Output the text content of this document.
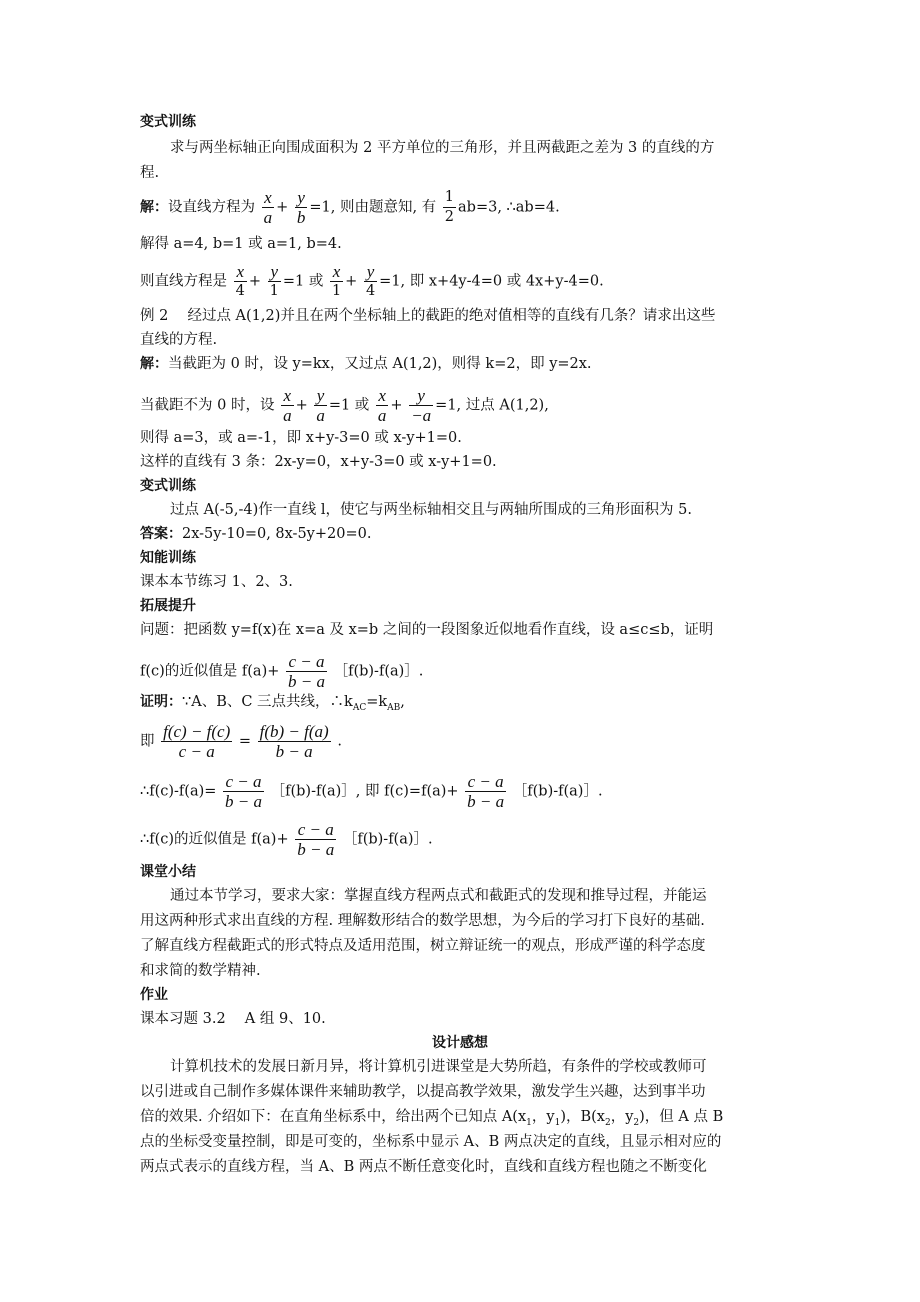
变式训练
求与两坐标轴正向围成面积为 2 平方单位的三角形，并且两截距之差为 3 的直线的方
程.
解：设直线方程为 $\frac{x}{a} + \frac{y}{b} =1$, 则由题意知, 有 $\frac{1}{2} ab=3$, ∴ab=4.
解得 a=4, b=1 或 a=1, b=4.
则直线方程是 $\frac{x}{4} + \frac{y}{1} =1$ 或 $\frac{x}{1} + \frac{y}{4} =1$, 即 x+4y-4=0 或 4x+y-4=0.
例 2　 经过点 A(1,2)并且在两个坐标轴上的截距的绝对值相等的直线有几条？请求出这些
直线的方程.
解：当截距为 0 时，设 y=kx，又过点 A(1,2)，则得 k=2，即 y=2x.
当截距不为 0 时，设 $\frac{x}{a} + \frac{y}{a} =1$ 或 $\frac{x}{a} + \frac{y}{-a} =1$, 过点 A(1,2),
则得 a=3，或 a=-1，即 x+y-3=0 或 x-y+1=0.
这样的直线有 3 条：2x-y=0，x+y-3=0 或 x-y+1=0.
变式训练
过点 A(-5,-4)作一直线 l，使它与两坐标轴相交且与两轴所围成的三角形面积为 5.
答案：2x-5y-10=0, 8x-5y+20=0.
知能训练
课本本节练习 1、2、3.
拓展提升
问题：把函数 y=f(x)在 x=a 及 x=b 之间的一段图象近似地看作直线，设 a≤c≤b，证明
f(c)的近似值是 $f(a)+ \frac{c - a}{b - a}$ ［f(b)-f(a)］.
证明：∵A、B、C 三点共线，$\therefore k_{AC}=k_{AB}$,
即 $\frac{f(c) - f(c)}{c - a} = \frac{f(b) - f(a)}{b - a}$ .
∴f(c)-f(a)= $\frac{c - a}{b - a}$ ［f(b)-f(a)］, 即 $f(c)=f(a)+ \frac{c - a}{b - a}$ ［f(b)-f(a)］.
∴f(c)的近似值是 $f(a)+ \frac{c - a}{b - a}$ ［f(b)-f(a)］.
课堂小结
通过本节学习，要求大家：掌握直线方程两点式和截距式的发现和推导过程，并能运
用这两种形式求出直线的方程. 理解数形结合的数学思想，为今后的学习打下良好的基础.
了解直线方程截距式的形式特点及适用范围，树立辩证统一的观点，形成严谨的科学态度
和求简的数学精神.
作业
课本习题 3.2　 A 组 9、10.
设计感想
计算机技术的发展日新月异，将计算机引进课堂是大势所趋，有条件的学校或教师可
以引进或自己制作多媒体课件来辅助教学，以提高教学效果，激发学生兴趣，达到事半功
倍的效果. 介绍如下：在直角坐标系中，给出两个已知点 $A(x_1$，$y_1$)，$B(x_2$，$y_2$)，但 A 点 B
点的坐标受变量控制，即是可变的，坐标系中显示 A、B 两点决定的直线，且显示相对应的
两点式表示的直线方程，当 A、B 两点不断任意变化时，直线和直线方程也随之不断变化
